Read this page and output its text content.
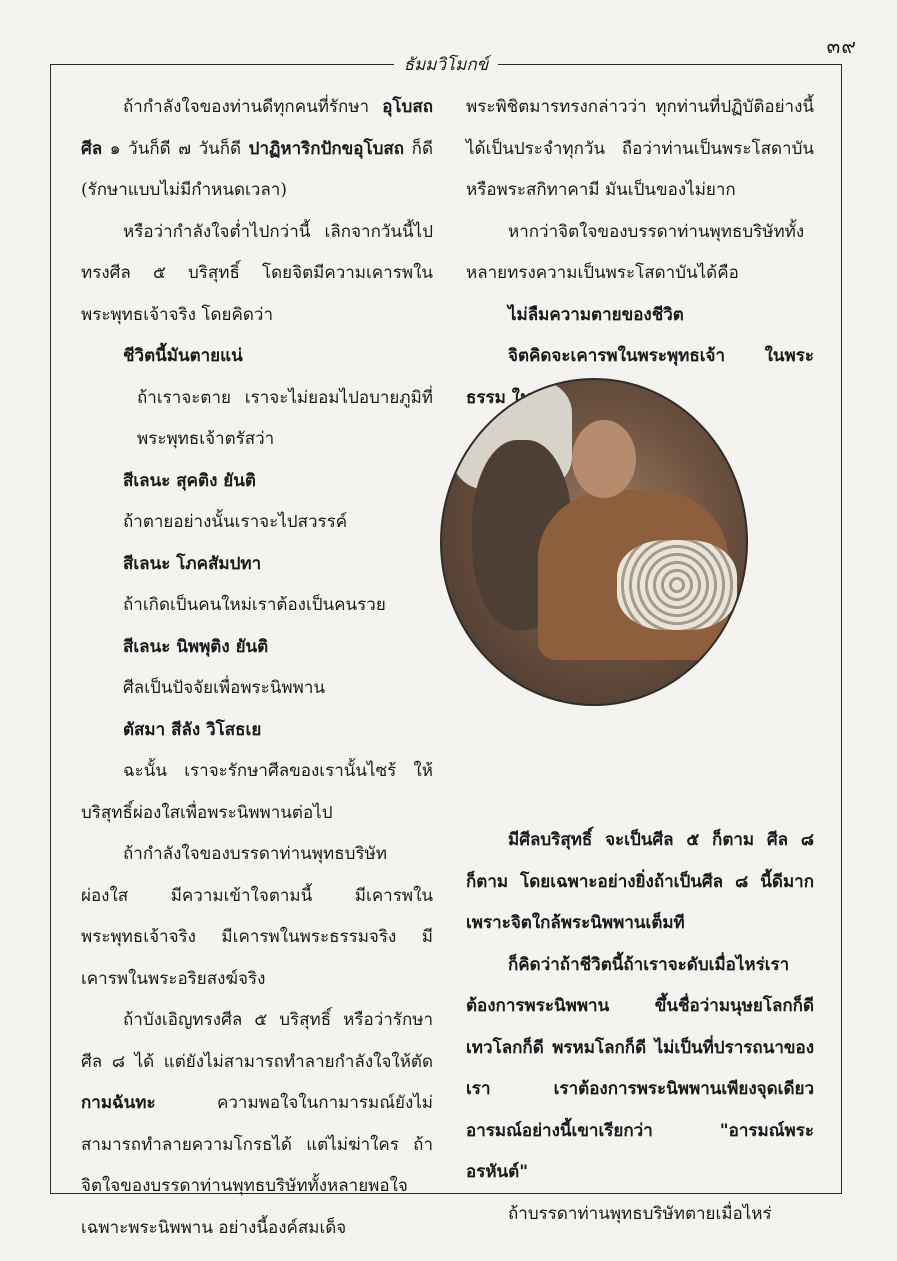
๓๙
ธัมมวิโมกข์

ถ้ากำลังใจของท่านดีทุกคนที่รักษา อุโบสถศีล ๑ วันก็ดี ๗ วันก็ดี ปาฏิหาริกปักขอุโบสถ ก็ดี (รักษาแบบไม่มีกำหนดเวลา)

หรือว่ากำลังใจต่ำไปกว่านี้ เลิกจากวันนี้ไปทรงศีล ๕ บริสุทธิ์ โดยจิตมีความเคารพในพระพุทธเจ้าจริง โดยคิดว่า

ชีวิตนี้มันตายแน่

ถ้าเราจะตาย เราจะไม่ยอมไปอบายภูมิที่พระพุทธเจ้าตรัสว่า

สีเลนะ สุคติง ยันติ

ถ้าตายอย่างนั้นเราจะไปสวรรค์

สีเลนะ โภคสัมปทา

ถ้าเกิดเป็นคนใหม่เราต้องเป็นคนรวย

สีเลนะ นิพพุติง ยันติ

ศีลเป็นปัจจัยเพื่อพระนิพพาน

ตัสมา สีลัง วิโสธเย

ฉะนั้น เราจะรักษาศีลของเรานั้นไซร้ ให้บริสุทธิ์ผ่องใสเพื่อพระนิพพานต่อไป

ถ้ากำลังใจของบรรดาท่านพุทธบริษัทผ่องใส มีความเข้าใจตามนี้ มีเคารพในพระพุทธเจ้าจริง มีเคารพในพระธรรมจริง มีเคารพในพระอริยสงฆ์จริง

ถ้าบังเอิญทรงศีล ๕ บริสุทธิ์ หรือว่ารักษาศีล ๘ ได้ แต่ยังไม่สามารถทำลายกำลังใจให้ตัด กามฉันทะ ความพอใจในกามารมณ์ยังไม่สามารถทำลายความโกรธได้ แต่ไม่ฆ่าใคร ถ้าจิตใจของบรรดาท่านพุทธบริษัททั้งหลายพอใจเฉพาะพระนิพพาน อย่างนี้องค์สมเด็จ

พระพิชิตมารทรงกล่าวว่า ทุกท่านที่ปฏิบัติอย่างนี้ได้เป็นประจำทุกวัน ถือว่าท่านเป็นพระโสดาบันหรือพระสกิทาคามี มันเป็นของไม่ยาก

หากว่าจิตใจของบรรดาท่านพุทธบริษัททั้งหลายทรงความเป็นพระโสดาบันได้คือ

ไม่ลืมความตายของชีวิต

จิตคิดจะเคารพในพระพุทธเจ้า ในพระ

มีศีลบริสุทธิ์ จะเป็นศีล ๕ ก็ตาม ศีล ๘ ก็ตาม โดยเฉพาะอย่างยิ่งถ้าเป็นศีล ๘ นี้ดีมาก เพราะจิตใกล้พระนิพพานเต็มที

ก็คิดว่าถ้าชีวิตนี้ถ้าเราจะดับเมื่อไหร่เราต้องการพระนิพพาน ขึ้นชื่อว่ามนุษยโลกก็ดี เทวโลกก็ดี พรหมโลกก็ดี ไม่เป็นที่ปรารถนาของเรา เราต้องการพระนิพพานเพียงจุดเดียว อารมณ์อย่างนี้เขาเรียกว่า "อารมณ์พระอรหันต์"

ถ้าบรรดาท่านพุทธบริษัทตายเมื่อไหร่
